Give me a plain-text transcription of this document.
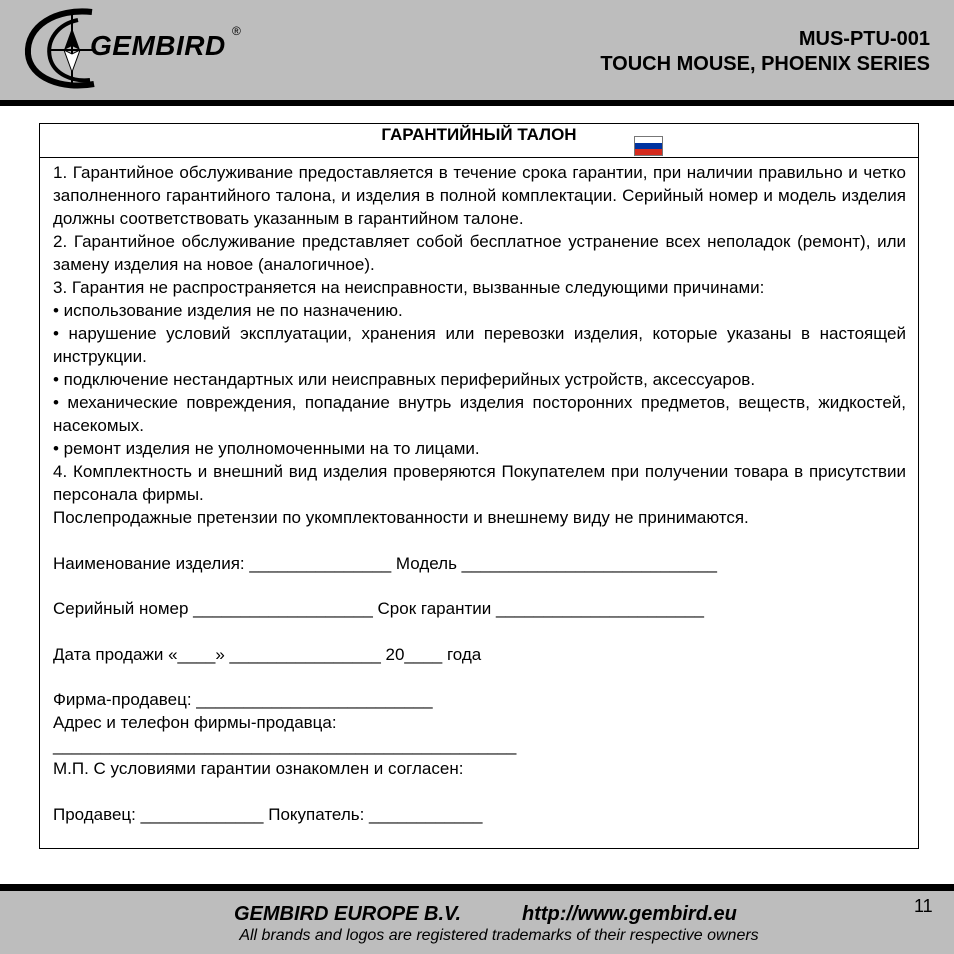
GEMBIRD ®	MUS-PTU-001
TOUCH MOUSE, PHOENIX SERIES
ГАРАНТИЙНЫЙ ТАЛОН

1. Гарантийное обслуживание предоставляется в течение срока гарантии, при наличии правильно и четко заполненного гарантийного талона, и изделия в полной комплектации. Серийный номер и модель изделия должны соответствовать указанным в гарантийном талоне.

2. Гарантийное обслуживание представляет собой бесплатное устранение всех неполадок (ремонт), или замену изделия на новое (аналогичное).

3. Гарантия не распространяется на неисправности, вызванные следующими причинами:

• использование изделия не по назначению.

• нарушение условий эксплуатации, хранения или перевозки изделия, которые указаны в настоящей инструкции.

• подключение нестандартных или неисправных периферийных устройств, аксессуаров.

• механические повреждения, попадание внутрь изделия посторонних предметов, веществ, жидкостей, насекомых.

• ремонт изделия не уполномоченными на то лицами.

4. Комплектность и внешний вид изделия проверяются Покупателем при получении товара в присутствии персонала фирмы.

Послепродажные претензии по укомплектованности и внешнему виду не принимаются.

Наименование изделия: _______________ Модель ___________________________

Серийный номер ___________________ Срок гарантии ______________________

Дата продажи «____» ________________ 20____ года

Фирма-продавец: _________________________

Адрес и телефон фирмы-продавца:

_________________________________________________

М.П. С условиями гарантии ознакомлен и согласен:

Продавец: _____________ Покупатель: ____________

GEMBIRD EUROPE B.V.	http://www.gembird.eu
All brands and logos are registered trademarks of their respective owners
11
